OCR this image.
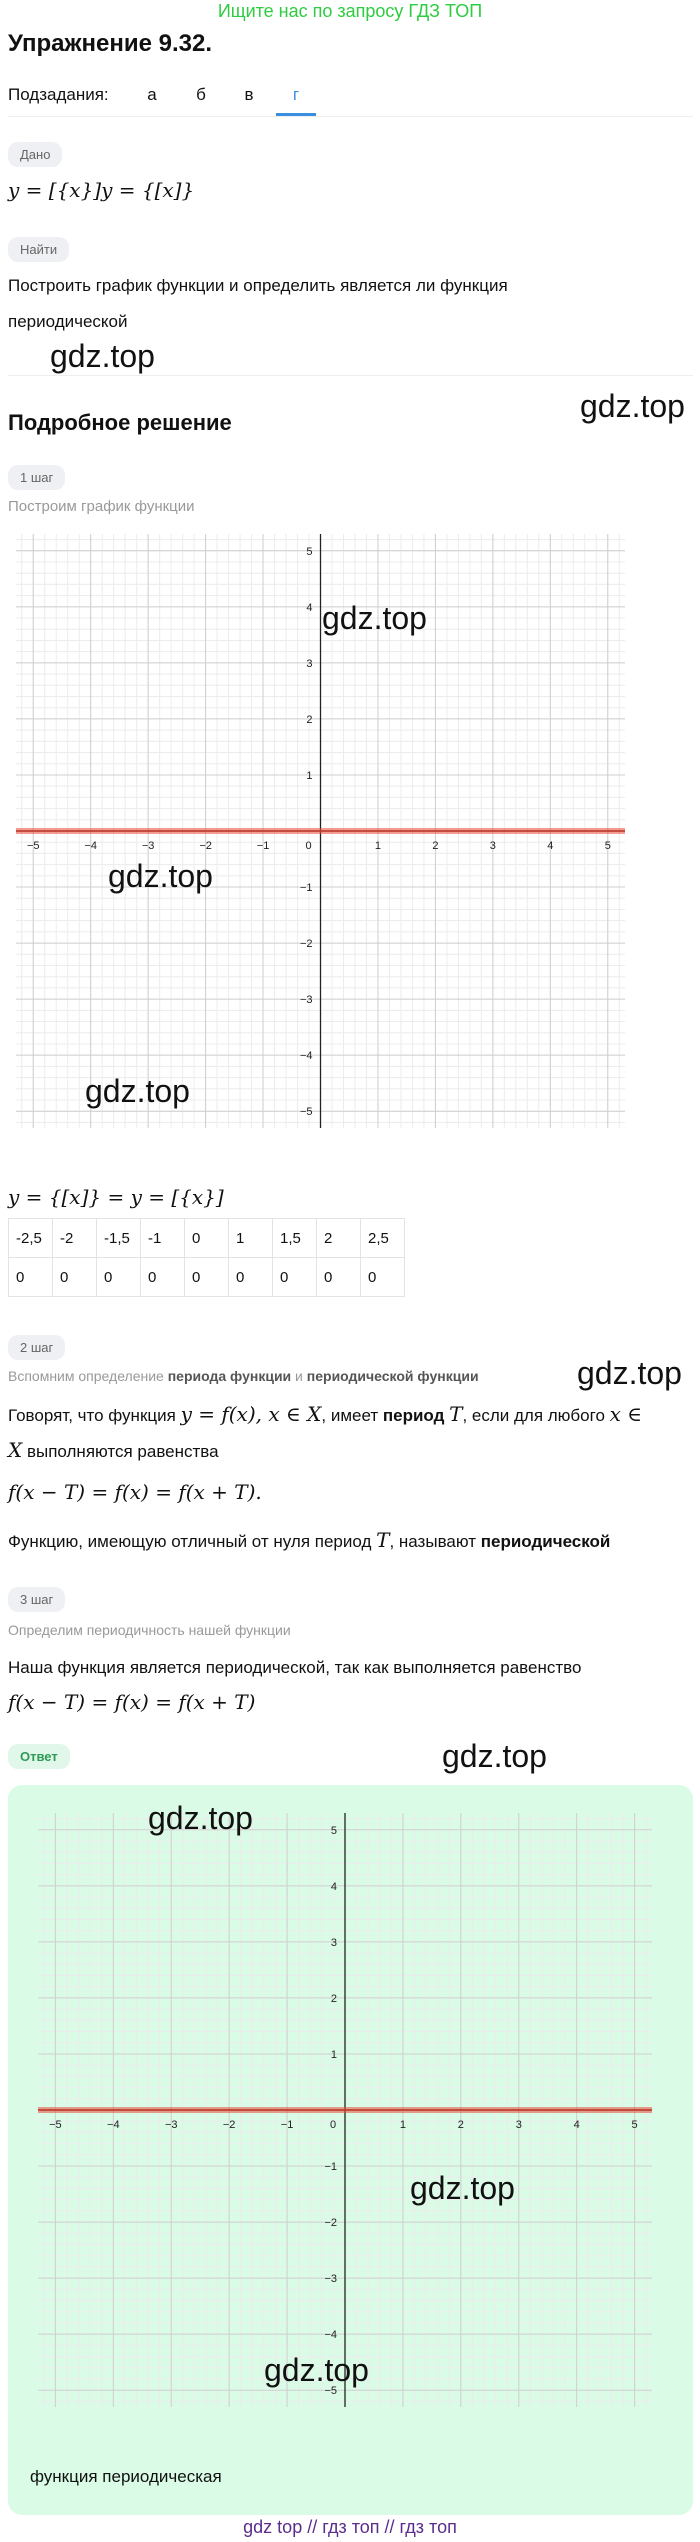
Ищите нас по запросу ГДЗ ТОП
Упражнение 9.32.
Подзадания:	а	б	в	г
Дано
y = [{x}]y = {[x]}
Найти
Построить график функции и определить является ли функция
периодической
gdz.top
Подробное решение	gdz.top
1 шаг
Построим график функции
−5	−4	−3	−2	−1	0	1	2	3	4	5
5
4
3
2
1
−1
−2
−3
−4
−5
gdz.top
gdz.top
gdz.top
y = {[x]} = y = [{x}]
-2,5	-2	-1,5	-1	0	1	1,5	2	2,5
0	0	0	0	0	0	0	0	0
2 шаг
gdz.top
Вспомним определение периода функции и периодической функции
Говорят, что функция y = f(x), x ∈ X, имеет период T, если для любого x ∈
X выполняются равенства
f(x − T) = f(x) = f(x + T).
Функцию, имеющую отличный от нуля период T, называют периодической
3 шаг
Определим периодичность нашей функции
Наша функция является периодической, так как выполняется равенство
f(x − T) = f(x) = f(x + T)
Ответ	gdz.top
−5	−4	−3	−2	−1	0	1	2	3	4	5
5
4
3
2
1
−1
−2
−3
−4
−5
gdz.top
gdz.top
gdz.top
функция периодическая
gdz top // гдз топ // гдз топ
